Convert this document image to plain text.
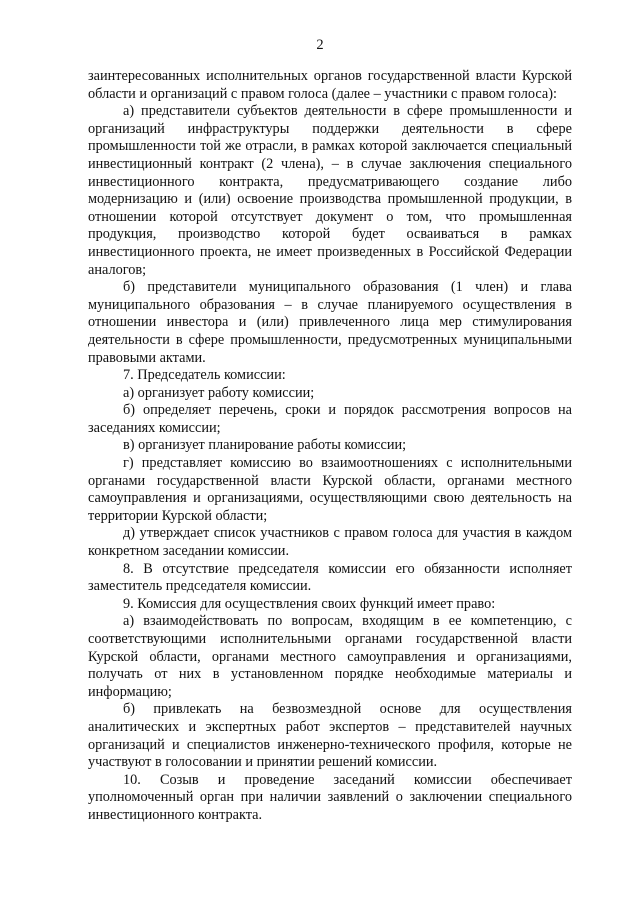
2

заинтересованных исполнительных органов государственной власти Курской области и организаций с правом голоса (далее – участники с правом голоса):

а) представители субъектов деятельности в сфере промышленности и организаций инфраструктуры поддержки деятельности в сфере промышленности той же отрасли, в рамках которой заключается специальный инвестиционный контракт (2 члена), – в случае заключения специального инвестиционного контракта, предусматривающего создание либо модернизацию и (или) освоение производства промышленной продукции, в отношении которой отсутствует документ о том, что промышленная продукция, производство которой будет осваиваться в рамках инвестиционного проекта, не имеет произведенных в Российской Федерации аналогов;

б) представители муниципального образования (1 член) и глава муниципального образования – в случае планируемого осуществления в отношении инвестора и (или) привлеченного лица мер стимулирования деятельности в сфере промышленности, предусмотренных муниципальными правовыми актами.

7. Председатель комиссии:

а) организует работу комиссии;

б) определяет перечень, сроки и порядок рассмотрения вопросов на заседаниях комиссии;

в) организует планирование работы комиссии;

г) представляет комиссию во взаимоотношениях с исполнительными органами государственной власти Курской области, органами местного самоуправления и организациями, осуществляющими свою деятельность на территории Курской области;

д) утверждает список участников с правом голоса для участия в каждом конкретном заседании комиссии.

8. В отсутствие председателя комиссии его обязанности исполняет заместитель председателя комиссии.

9. Комиссия для осуществления своих функций имеет право:

а) взаимодействовать по вопросам, входящим в ее компетенцию, с соответствующими исполнительными органами государственной власти Курской области, органами местного самоуправления и организациями, получать от них в установленном порядке необходимые материалы и информацию;

б) привлекать на безвозмездной основе для осуществления аналитических и экспертных работ экспертов – представителей научных организаций и специалистов инженерно-технического профиля, которые не участвуют в голосовании и принятии решений комиссии.

10. Созыв и проведение заседаний комиссии обеспечивает уполномоченный орган при наличии заявлений о заключении специального инвестиционного контракта.
